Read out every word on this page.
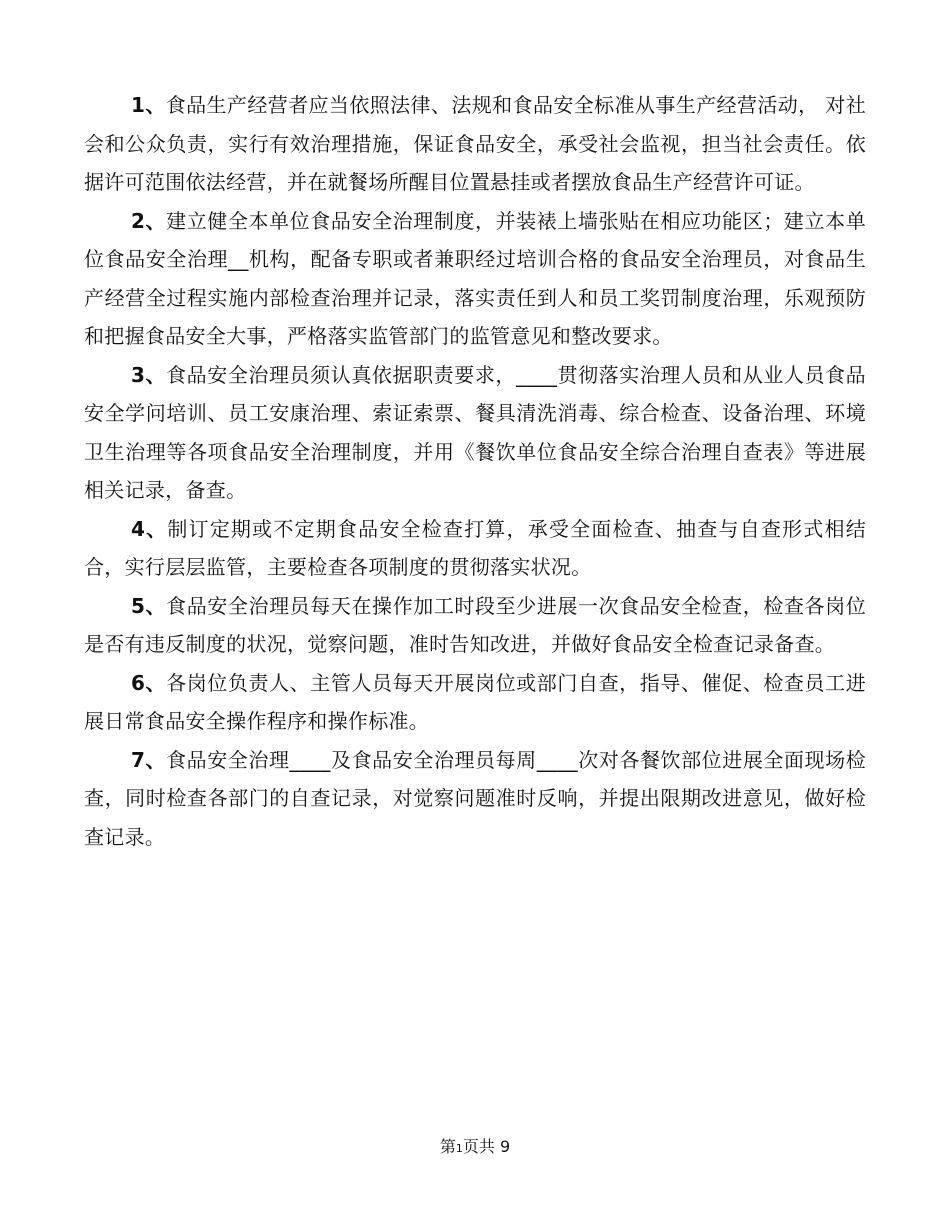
1、食品生产经营者应当依照法律、法规和食品安全标准从事生产经营活动， 对社会和公众负责，实行有效治理措施，保证食品安全，承受社会监视，担当社会责任。依据许可范围依法经营，并在就餐场所醒目位置悬挂或者摆放食品生产经营许可证。

2、建立健全本单位食品安全治理制度，并装裱上墙张贴在相应功能区；建立本单位食品安全治理__机构，配备专职或者兼职经过培训合格的食品安全治理员，对食品生产经营全过程实施内部检查治理并记录，落实责任到人和员工奖罚制度治理，乐观预防和把握食品安全大事，严格落实监管部门的监管意见和整改要求。

3、食品安全治理员须认真依据职责要求，____贯彻落实治理人员和从业人员食品安全学问培训、员工安康治理、索证索票、餐具清洗消毒、综合检查、设备治理、环境卫生治理等各项食品安全治理制度，并用《餐饮单位食品安全综合治理自查表》等进展相关记录，备查。

4、制订定期或不定期食品安全检查打算，承受全面检查、抽查与自查形式相结合，实行层层监管，主要检查各项制度的贯彻落实状况。

5、食品安全治理员每天在操作加工时段至少进展一次食品安全检查，检查各岗位是否有违反制度的状况，觉察问题，准时告知改进，并做好食品安全检查记录备查。

6、各岗位负责人、主管人员每天开展岗位或部门自查，指导、催促、检查员工进展日常食品安全操作程序和操作标准。

7、食品安全治理____及食品安全治理员每周____次对各餐饮部位进展全面现场检查，同时检查各部门的自查记录，对觉察问题准时反响，并提出限期改进意见，做好检查记录。

第1页共 9
